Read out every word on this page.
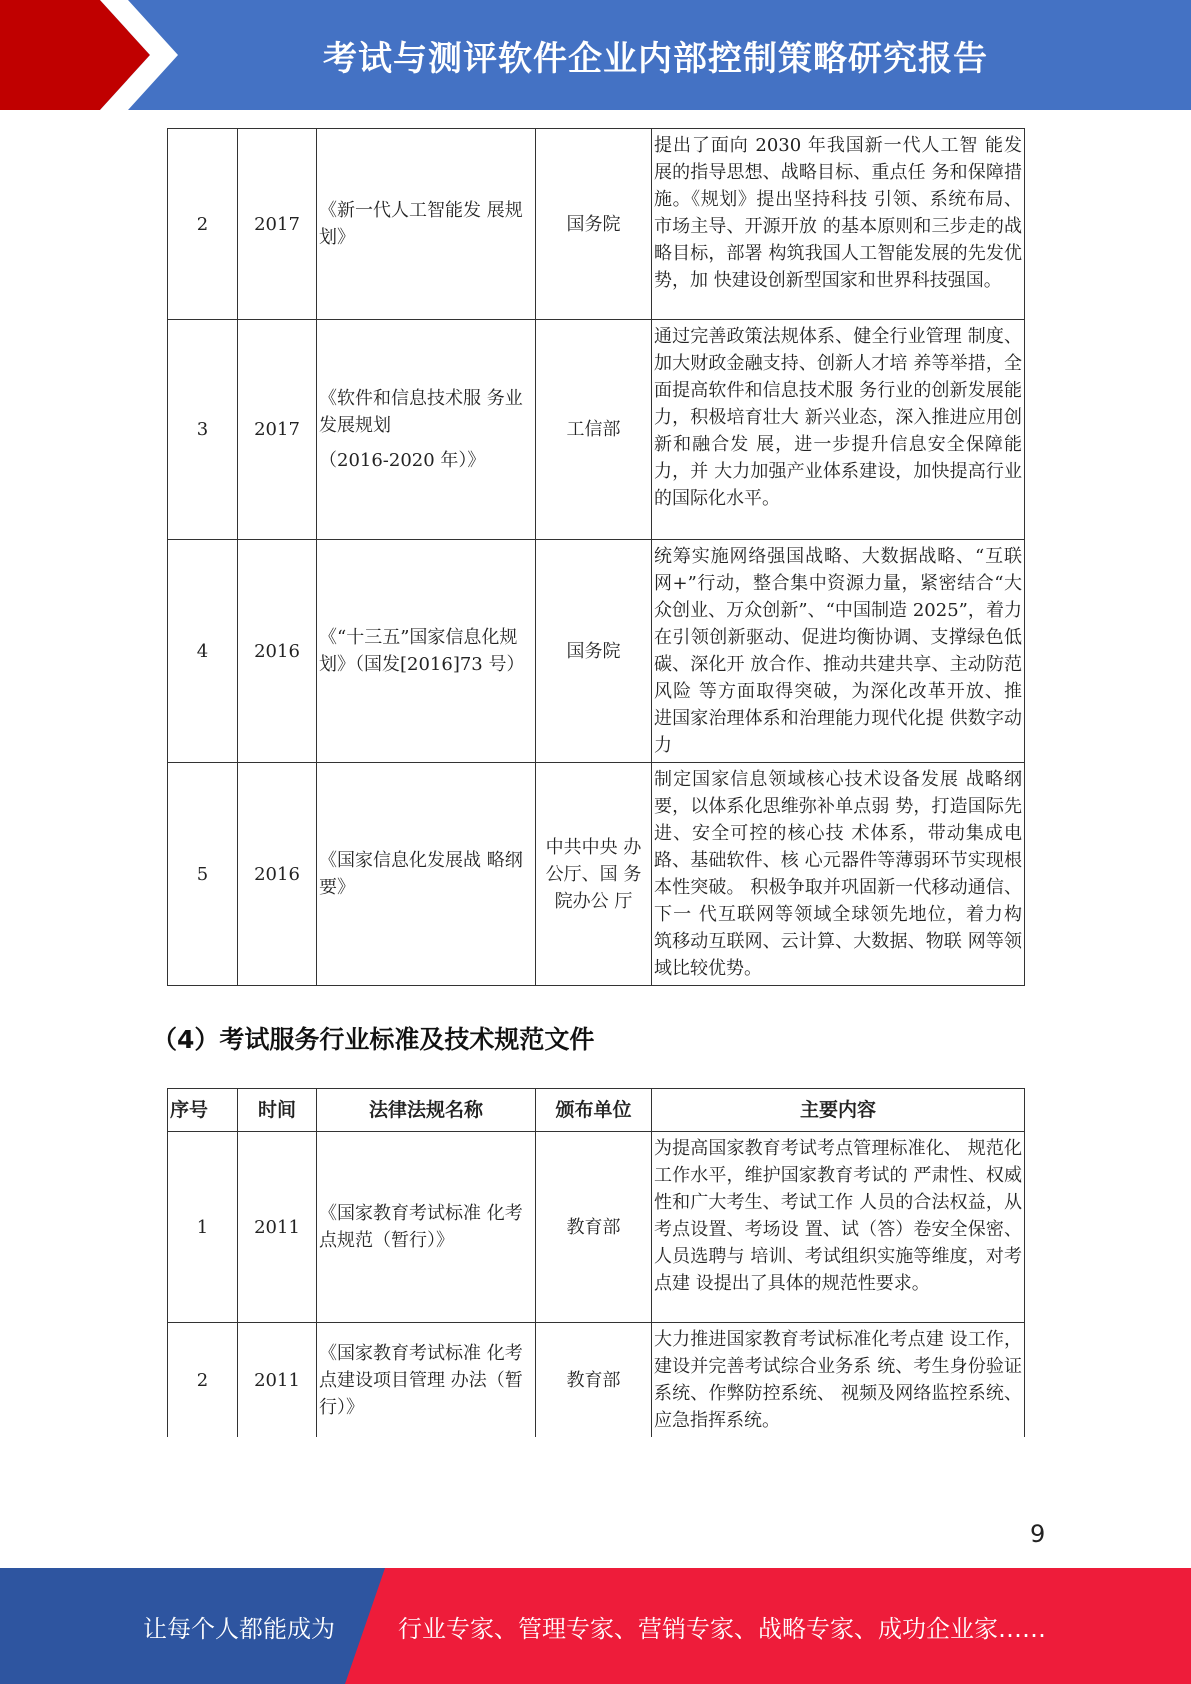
考试与测评软件企业内部控制策略研究报告
2	2017	《新一代人工智能发 展规划》	国务院	提出了面向 2030 年我国新一代人工智 能发展的指导思想、战略目标、重点任 务和保障措施。《规划》提出坚持科技 引领、系统布局、市场主导、开源开放 的基本原则和三步走的战略目标，部署 构筑我国人工智能发展的先发优势，加 快建设创新型国家和世界科技强国。
3	2017	《软件和信息技术服 务业发展规划
（2016-2020 年）》	工信部	通过完善政策法规体系、健全行业管理 制度、加大财政金融支持、创新人才培 养等举措，全面提高软件和信息技术服 务行业的创新发展能力，积极培育壮大 新兴业态，深入推进应用创新和融合发 展，进一步提升信息安全保障能力，并 大力加强产业体系建设，加快提高行业 的国际化水平。
4	2016	《“十三五”国家信息化规划》（国发[2016]73 号）	国务院	统筹实施网络强国战略、大数据战略、“互联网+”行动，整合集中资源力量，紧密结合“大众创业、万众创新”、“中国制造 2025”，着力在引领创新驱动、促进均衡协调、支撑绿色低碳、深化开 放合作、推动共建共享、主动防范风险 等方面取得突破，为深化改革开放、推 进国家治理体系和治理能力现代化提 供数字动力
5	2016	《国家信息化发展战 略纲要》	中共中央 办公厅、国 务院办公 厅	制定国家信息领域核心技术设备发展 战略纲要，以体系化思维弥补单点弱 势，打造国际先进、安全可控的核心技 术体系，带动集成电路、基础软件、核 心元器件等薄弱环节实现根本性突破。 积极争取并巩固新一代移动通信、下一 代互联网等领域全球领先地位，着力构 筑移动互联网、云计算、大数据、物联 网等领域比较优势。
（4）考试服务行业标准及技术规范文件
序号	时间	法律法规名称	颁布单位	主要内容
1	2011	《国家教育考试标准 化考点规范（暂行）》	教育部	为提高国家教育考试考点管理标准化、 规范化工作水平，维护国家教育考试的 严肃性、权威性和广大考生、考试工作 人员的合法权益，从考点设置、考场设 置、试（答）卷安全保密、人员选聘与 培训、考试组织实施等维度，对考点建 设提出了具体的规范性要求。
2	2011	《国家教育考试标准 化考点建设项目管理 办法（暂行）》	教育部	大力推进国家教育考试标准化考点建 设工作，建设并完善考试综合业务系 统、考生身份验证系统、作弊防控系统、 视频及网络监控系统、应急指挥系统。
9
让每个人都能成为	行业专家、管理专家、营销专家、战略专家、成功企业家……
